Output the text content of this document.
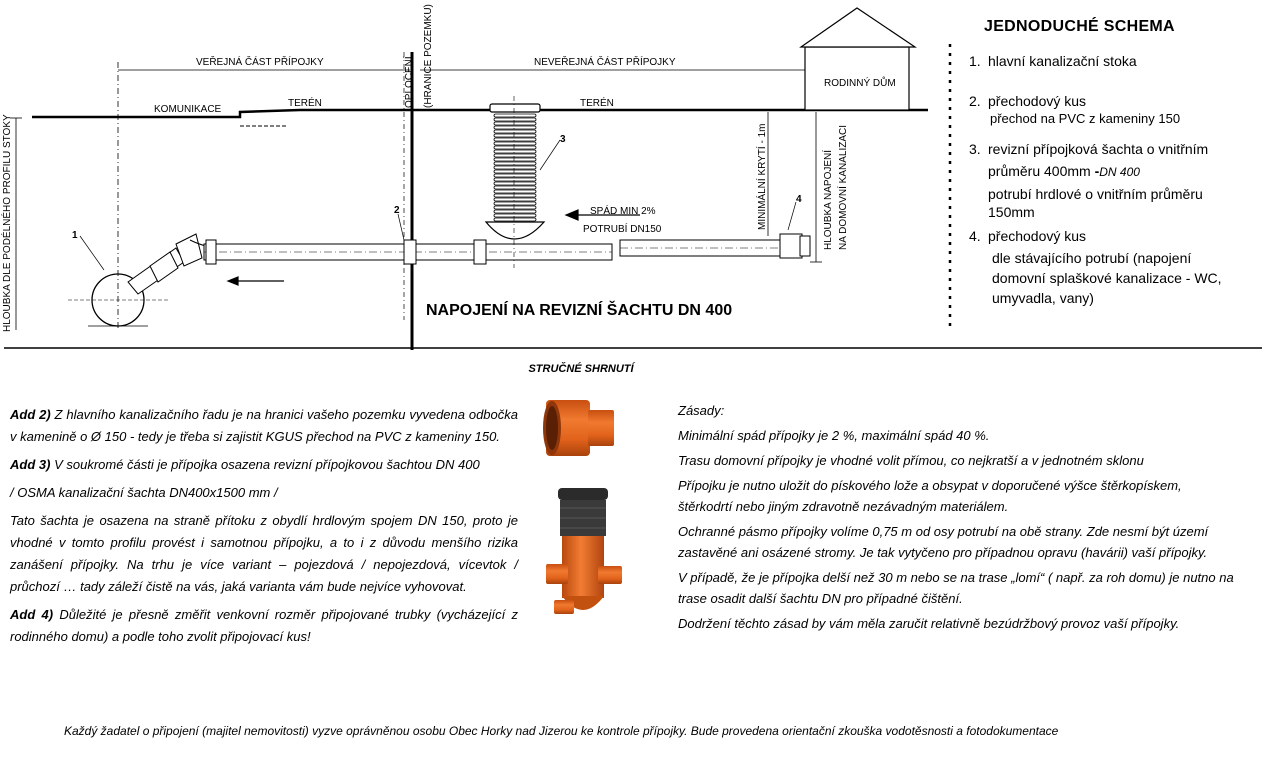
VEŘEJNÁ ČÁST PŘÍPOJKY	NEVEŘEJNÁ ČÁST PŘÍPOJKY
KOMUNIKACE
TERÉN	TERÉN
RODINNÝ DŮM
OPLOCENÍ (HRANICE POZEMKU)
HLOUBKA DLE PODÉLNÉHO PROFILU STOKY	MINIMÁLNÍ KRYTÍ - 1m	HLOUBKA NAPOJENÍ NA DOMOVNÍ KANALIZACI
SPÁD MIN 2%
POTRUBÍ DN150
NAPOJENÍ NA REVIZNÍ ŠACHTU DN 400
1
2
3
4
JEDNODUCHÉ SCHEMA
1. hlavní kanalizační stoka
2. přechodový kus
přechod na PVC z kameniny 150
3. revizní přípojková šachta o vnitřním
průměru 400mm -DN 400
potrubí hrdlové o vnitřním průměru
150mm
4. přechodový kus
dle stávajícího potrubí (napojení
domovní splaškové kanalizace - WC,
umyvadla, vany)
STRUČNÉ SHRNUTÍ

Add 2) Z hlavního kanalizačního řadu je na hranici vašeho pozemku vyvedena odbočka v kamenině o Ø 150 - tedy je třeba si zajistit KGUS přechod na PVC z kameniny 150.

Add 3) V soukromé části je přípojka osazena revizní přípojkovou šachtou DN 400

/ OSMA kanalizační šachta DN400x1500 mm /

Tato šachta je osazena na straně přítoku z obydlí hrdlovým spojem DN 150, proto je vhodné v tomto profilu provést i samotnou přípojku, a to i z důvodu menšího rizika zanášení přípojky. Na trhu je více variant – pojezdová / nepojezdová, vícevtok / průchozí … tady záleží čistě na vás, jaká varianta vám bude nejvíce vyhovovat.

Add 4) Důležité je přesně změřit venkovní rozměr připojované trubky (vycházející z rodinného domu) a podle toho zvolit připojovací kus!

Zásady:

Minimální spád přípojky je 2 %, maximální spád 40 %.

Trasu domovní přípojky je vhodné volit přímou, co nejkratší a v jednotném sklonu

Přípojku je nutno uložit do pískového lože a obsypat v doporučené výšce štěrkopískem, štěrkodrtí nebo jiným zdravotně nezávadným materiálem.

Ochranné pásmo přípojky volíme 0,75 m od osy potrubí na obě strany. Zde nesmí být území zastavěné ani osázené stromy. Je tak vytyčeno pro případnou opravu (havárii) vaší přípojky.

V případě, že je přípojka delší než 30 m nebo se na trase „lomí“ ( např. za roh domu) je nutno na trase osadit další šachtu DN pro případné čištění.

Dodržení těchto zásad by vám měla zaručit relativně bezúdržbový provoz vaší přípojky.

Každý žadatel o připojení (majitel nemovitosti) vyzve oprávněnou osobu Obec Horky nad Jizerou ke kontrole přípojky. Bude provedena orientační zkouška vodotěsnosti a fotodokumentace
